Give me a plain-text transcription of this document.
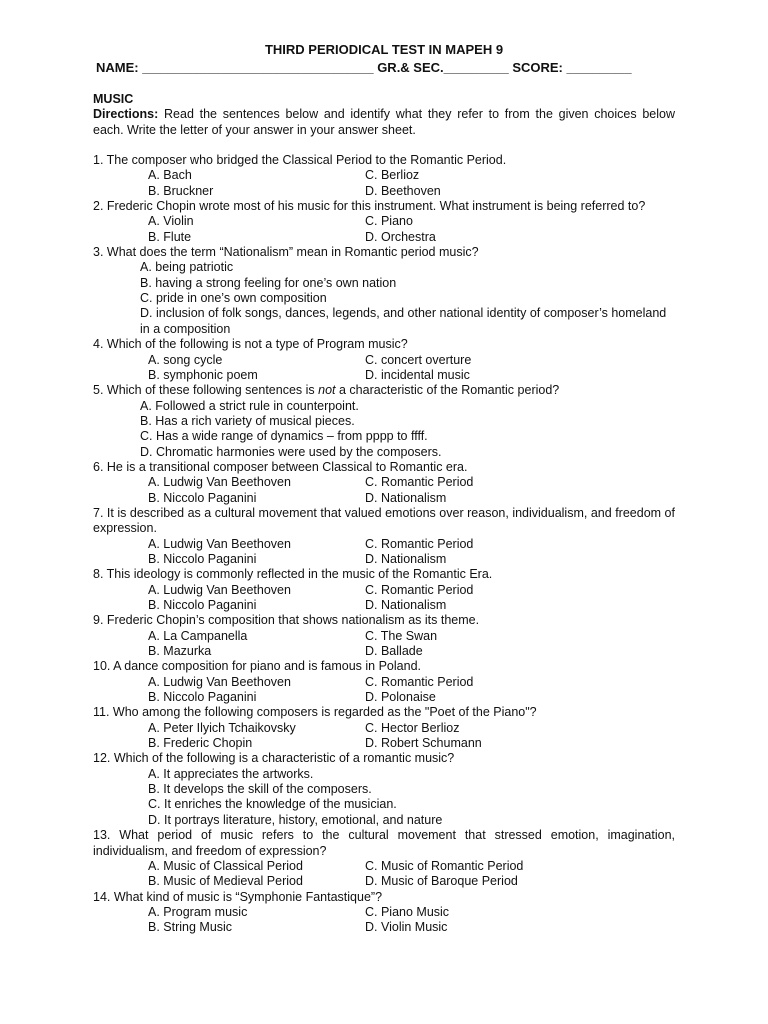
THIRD PERIODICAL TEST IN MAPEH 9
NAME: ________________________________ GR.& SEC._________ SCORE: _________
MUSIC
Directions: Read the sentences below and identify what they refer to from the given choices below each. Write the letter of your answer in your answer sheet.
1. The composer who bridged the Classical Period to the Romantic Period.
A. Bach	C. Berlioz
B. Bruckner	D. Beethoven
2. Frederic Chopin wrote most of his music for this instrument. What instrument is being referred to?
A. Violin	C. Piano
B. Flute	D. Orchestra
3. What does the term “Nationalism” mean in Romantic period music?
A. being patriotic
B. having a strong feeling for one’s own nation
C. pride in one’s own composition
D. inclusion of folk songs, dances, legends, and other national identity of composer’s homeland in a composition
4. Which of the following is not a type of Program music?
A. song cycle	C. concert overture
B. symphonic poem	D. incidental music
5. Which of these following sentences is not a characteristic of the Romantic period?
A. Followed a strict rule in counterpoint.
B. Has a rich variety of musical pieces.
C. Has a wide range of dynamics – from pppp to ffff.
D. Chromatic harmonies were used by the composers.
6. He is a transitional composer between Classical to Romantic era.
A. Ludwig Van Beethoven	C. Romantic Period
B. Niccolo Paganini	D. Nationalism
7. It is described as a cultural movement that valued emotions over reason, individualism, and freedom of expression.
A. Ludwig Van Beethoven	C. Romantic Period
B. Niccolo Paganini	D. Nationalism
8. This ideology is commonly reflected in the music of the Romantic Era.
A. Ludwig Van Beethoven	C. Romantic Period
B. Niccolo Paganini	D. Nationalism
9. Frederic Chopin’s composition that shows nationalism as its theme.
A. La Campanella	C. The Swan
B. Mazurka	D. Ballade
10. A dance composition for piano and is famous in Poland.
A. Ludwig Van Beethoven	C. Romantic Period
B. Niccolo Paganini	D. Polonaise
11. Who among the following composers is regarded as the "Poet of the Piano"?
A. Peter Ilyich Tchaikovsky	C. Hector Berlioz
B. Frederic Chopin	D. Robert Schumann
12. Which of the following is a characteristic of a romantic music?
A. It appreciates the artworks.
B. It develops the skill of the composers.
C. It enriches the knowledge of the musician.
D. It portrays literature, history, emotional, and nature
13. What period of music refers to the cultural movement that stressed emotion, imagination, individualism, and freedom of expression?
A. Music of Classical Period	C. Music of Romantic Period
B. Music of Medieval Period	D. Music of Baroque Period
14. What kind of music is “Symphonie Fantastique”?
A. Program music	C. Piano Music
B. String Music	D. Violin Music
